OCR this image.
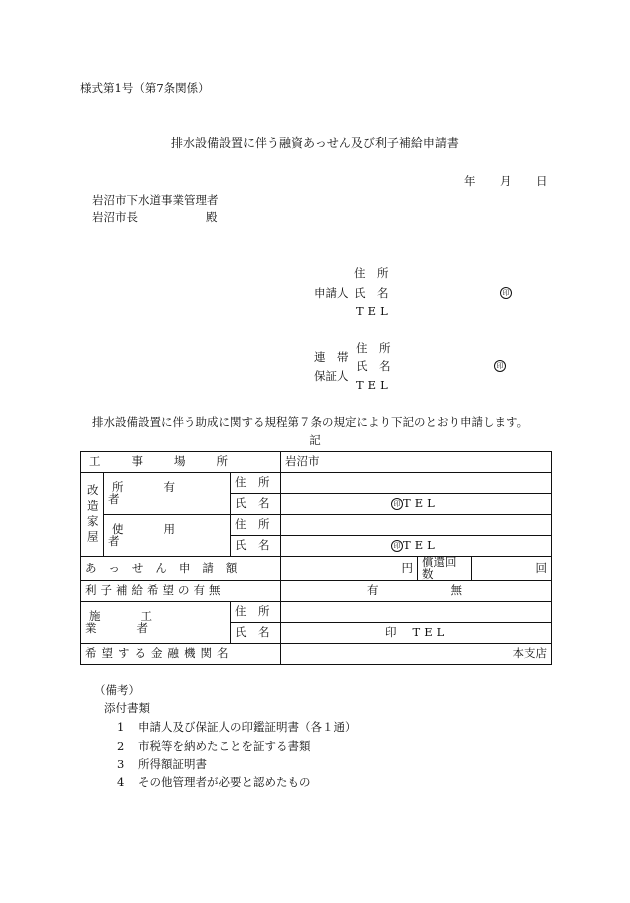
様式第1号（第7条関係）
排水設備設置に伴う融資あっせん及び利子補給申請書
年 月 日
岩沼市下水道事業管理者
岩沼市長	殿
住　所
申請人 氏　名	印
TEL
住　所
連　帯
氏　名	印
保証人
TEL
排水設備設置に伴う助成に関する規程第７条の規定により下記のとおり申請します。
記
工事場所			岩沼市		

改造家屋	所有者	住　所			
		氏　名	印 TEL		
	使用者	住　所			
		氏　名	印 TEL		
あっせん申請額			円	償還回数	回
利子補給希望の有無			有 無		
施工業者		住　所			
		氏　名	印 TEL		
希望する金融機関名			本支店		
（備考）
添付書類
1 申請人及び保証人の印鑑証明書（各１通）
2 市税等を納めたことを証する書類
3 所得額証明書
4 その他管理者が必要と認めたもの
